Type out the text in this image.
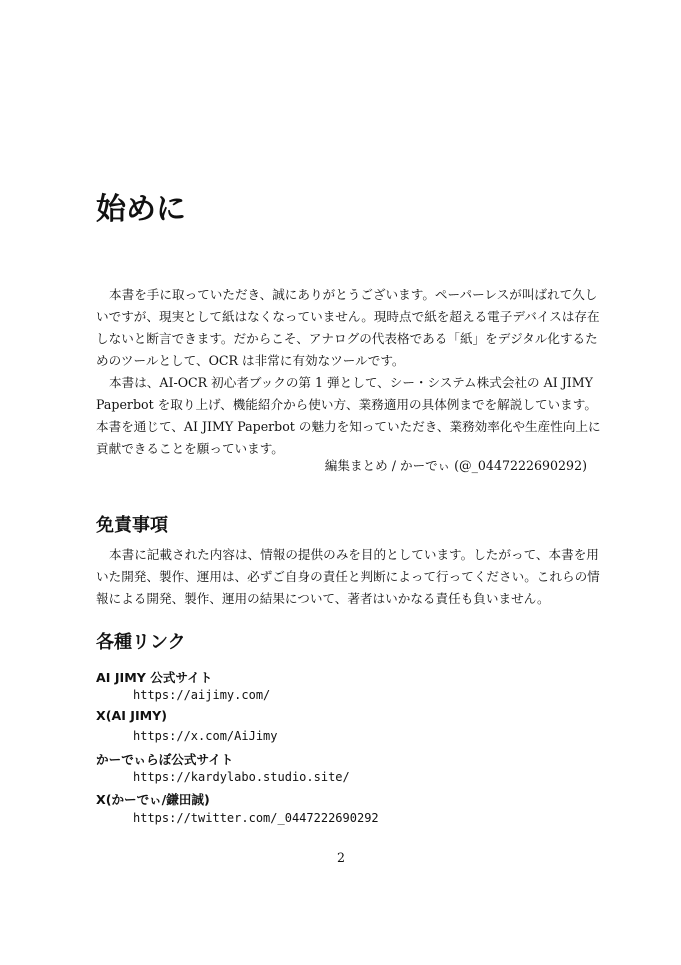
始めに
本書を手に取っていただき、誠にありがとうございます。ペーパーレスが叫ばれて久し
いですが、現実として紙はなくなっていません。現時点で紙を超える電子デバイスは存在
しないと断言できます。だからこそ、アナログの代表格である「紙」をデジタル化するた
めのツールとして、OCR は非常に有効なツールです。
本書は、AI-OCR 初心者ブックの第 1 弾として、シー・システム株式会社の AI JIMY
Paperbot を取り上げ、機能紹介から使い方、業務適用の具体例までを解説しています。
本書を通じて、AI JIMY Paperbot の魅力を知っていただき、業務効率化や生産性向上に
貢献できることを願っています。
編集まとめ / かーでぃ (@_0447222690292)
免責事項
本書に記載された内容は、情報の提供のみを目的としています。したがって、本書を用
いた開発、製作、運用は、必ずご自身の責任と判断によって行ってください。これらの情
報による開発、製作、運用の結果について、著者はいかなる責任も負いません。
各種リンク
AI JIMY 公式サイト
https://aijimy.com/
X(AI JIMY)
https://x.com/AiJimy
かーでぃらぼ公式サイト
https://kardylabo.studio.site/
X(かーでぃ/鎌田誠)
https://twitter.com/_0447222690292
2
